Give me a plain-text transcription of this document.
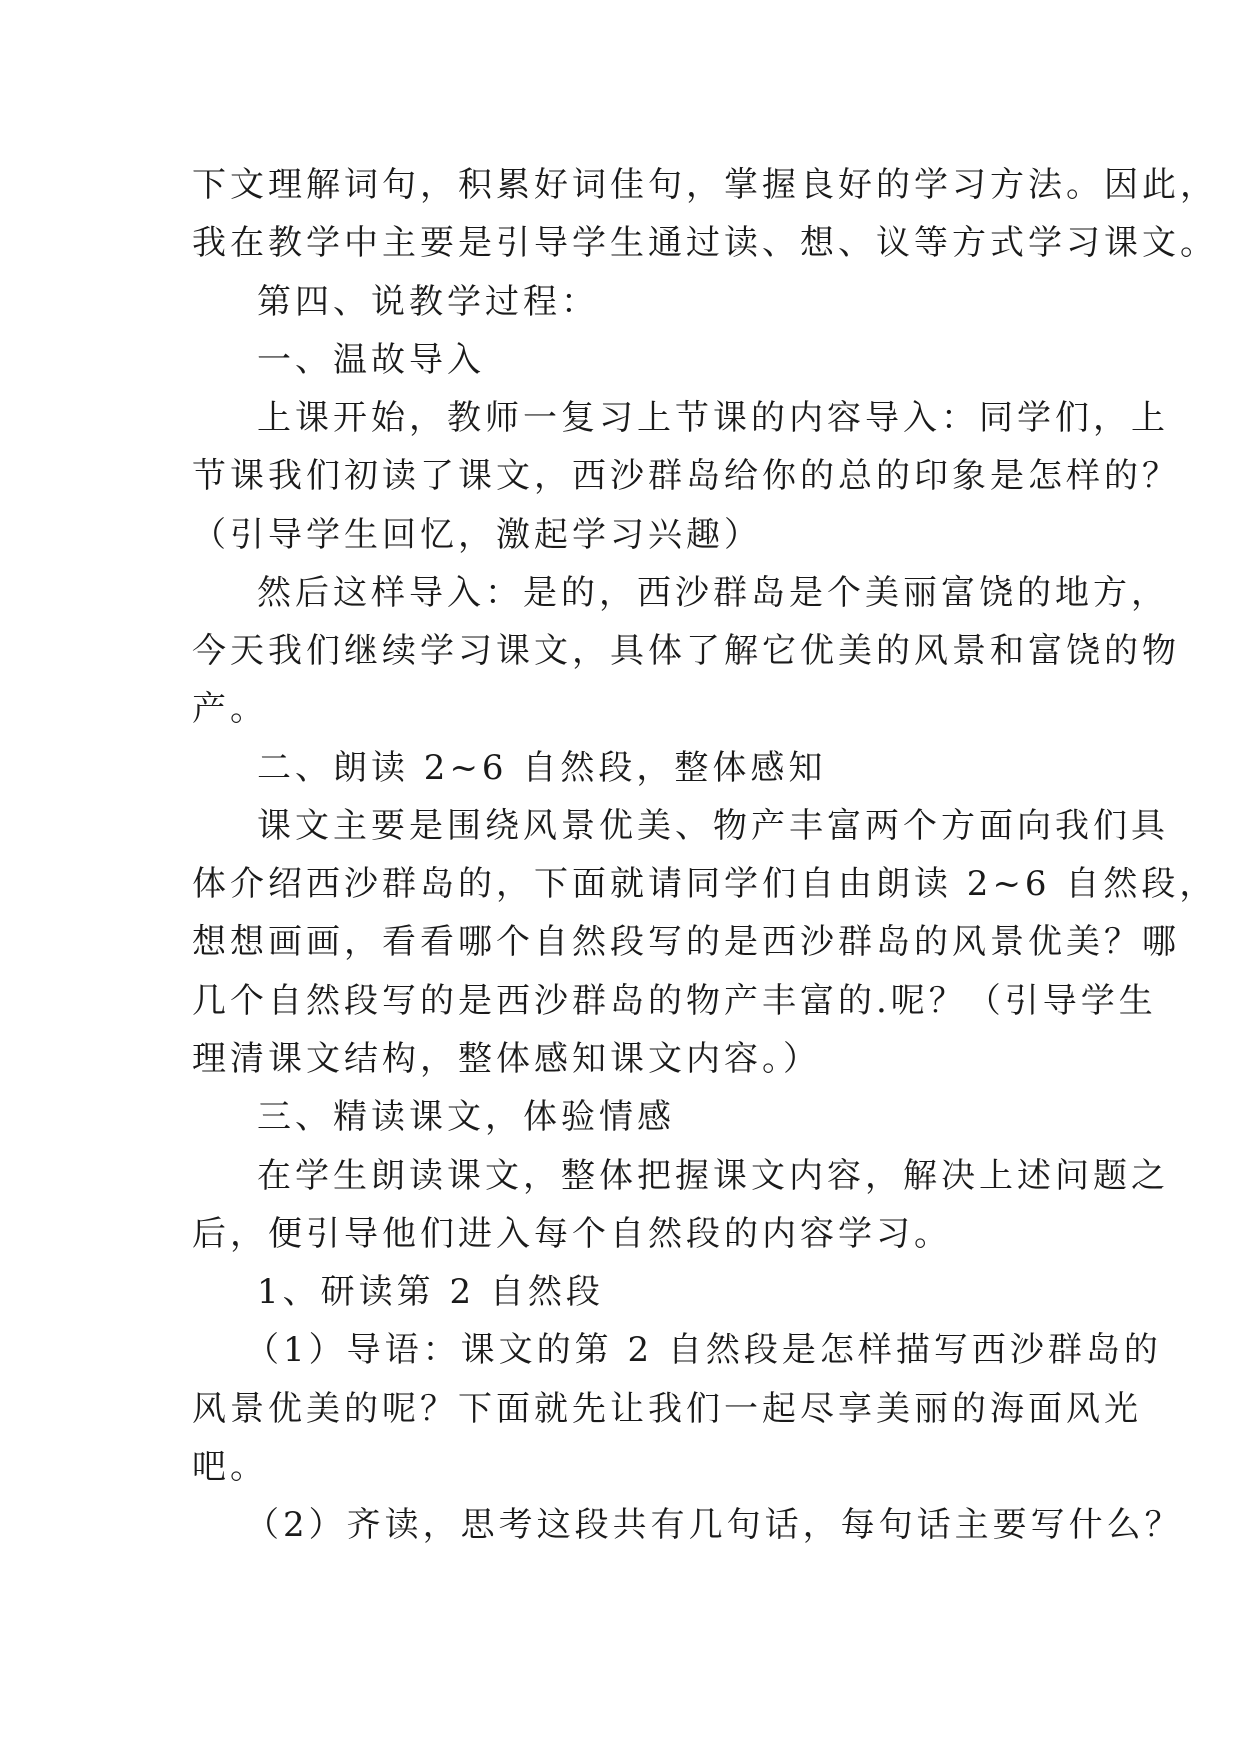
下文理解词句，积累好词佳句，掌握良好的学习方法。因此，

我在教学中主要是引导学生通过读、想、议等方式学习课文。

第四、说教学过程：

一、温故导入

上课开始，教师一复习上节课的内容导入：同学们，上

节课我们初读了课文，西沙群岛给你的总的印象是怎样的？

（引导学生回忆，激起学习兴趣）

然后这样导入：是的，西沙群岛是个美丽富饶的地方，

今天我们继续学习课文，具体了解它优美的风景和富饶的物

产。

二、朗读 2~6 自然段，整体感知

课文主要是围绕风景优美、物产丰富两个方面向我们具

体介绍西沙群岛的，下面就请同学们自由朗读 2~6 自然段，

想想画画，看看哪个自然段写的是西沙群岛的风景优美？哪

几个自然段写的是西沙群岛的物产丰富的.呢？（引导学生

理清课文结构，整体感知课文内容。）

三、精读课文，体验情感

在学生朗读课文，整体把握课文内容，解决上述问题之

后，便引导他们进入每个自然段的内容学习。

1、研读第 2 自然段

（1）导语：课文的第 2 自然段是怎样描写西沙群岛的

风景优美的呢？下面就先让我们一起尽享美丽的海面风光

吧。

（2）齐读，思考这段共有几句话，每句话主要写什么？
